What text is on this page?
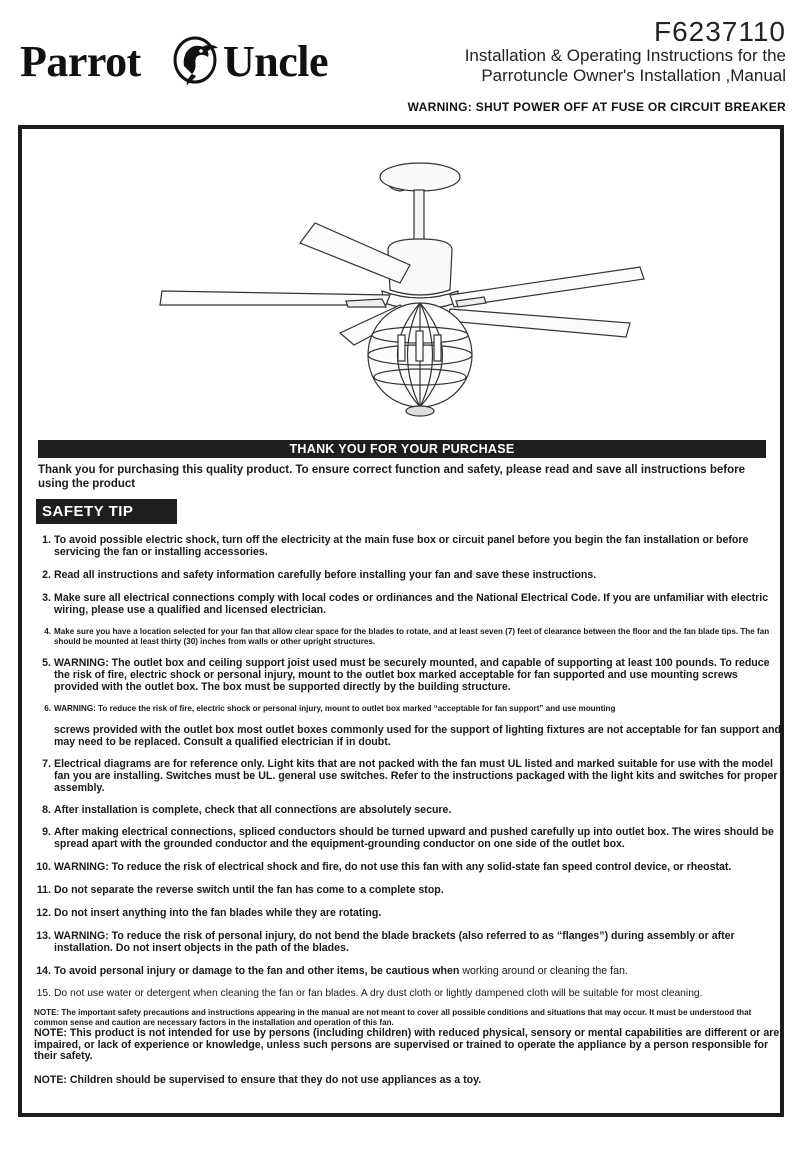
Parrot Uncle
F6237110
Installation & Operating Instructions for the
Parrotuncle Owner's Installation ,Manual
WARNING: SHUT POWER OFF AT FUSE OR CIRCUIT BREAKER
THANK YOU FOR YOUR PURCHASE
Thank you for purchasing this quality product. To ensure correct function and safety, please read and save all instructions before using the product
SAFETY TIP
1. To avoid possible electric shock, turn off the electricity at the main fuse box or circuit panel before you begin the fan installation or before servicing the fan or installing accessories.
2. Read all instructions and safety information carefully before installing your fan and save these instructions.
3. Make sure all electrical connections comply with local codes or ordinances and the National Electrical Code. If you are unfamiliar with electric wiring, please use a qualified and licensed electrician.
4. Make sure you have a location selected for your fan that allow clear space for the blades to rotate, and at least seven (7) feet of clearance between the floor and the fan blade tips. The fan should be mounted at least thirty (30) inches from walls or other upright structures.
5. WARNING: The outlet box and ceiling support joist used must be securely mounted, and capable of supporting at least 100 pounds. To reduce the risk of fire, electric shock or personal injury, mount to the outlet box marked acceptable for fan supported and use mounting screws provided with the outlet box. The box must be supported directly by the building structure.
6. WARNING: To reduce the risk of fire, electric shock or personal injury, mount to outlet box marked “acceptable for fan support” and use mounting
screws provided with the outlet box most outlet boxes commonly used for the support of lighting fixtures are not acceptable for fan support and may need to be replaced. Consult a qualified electrician if in doubt.
7. Electrical diagrams are for reference only. Light kits that are not packed with the fan must UL listed and marked suitable for use with the model fan you are installing. Switches must be UL. general use switches. Refer to the instructions packaged with the light kits and switches for proper assembly.
8. After installation is complete, check that all connections are absolutely secure.
9. After making electrical connections, spliced conductors should be turned upward and pushed carefully up into outlet box. The wires should be spread apart with the grounded conductor and the equipment-grounding conductor on one side of the outlet box.
10. WARNING: To reduce the risk of electrical shock and fire, do not use this fan with any solid-state fan speed control device, or rheostat.
11. Do not separate the reverse switch until the fan has come to a complete stop.
12. Do not insert anything into the fan blades while they are rotating.
13. WARNING: To reduce the risk of personal injury, do not bend the blade brackets (also referred to as “flanges”) during assembly or after installation. Do not insert objects in the path of the blades.
14. To avoid personal injury or damage to the fan and other items, be cautious when working around or cleaning the fan.
15. Do not use water or detergent when cleaning the fan or fan blades. A dry dust cloth or lightly dampened cloth will be suitable for most cleaning.
NOTE: The important safety precautions and instructions appearing in the manual are not meant to cover all possible conditions and situations that may occur. It must be understood that common sense and caution are necessary factors in the installation and operation of this fan.
NOTE: This product is not intended for use by persons (including children) with reduced physical, sensory or mental capabilities are different or are impaired, or lack of experience or knowledge, unless such persons are supervised or trained to operate the appliance by a person responsible for their safety.
NOTE: Children should be supervised to ensure that they do not use appliances as a toy.
